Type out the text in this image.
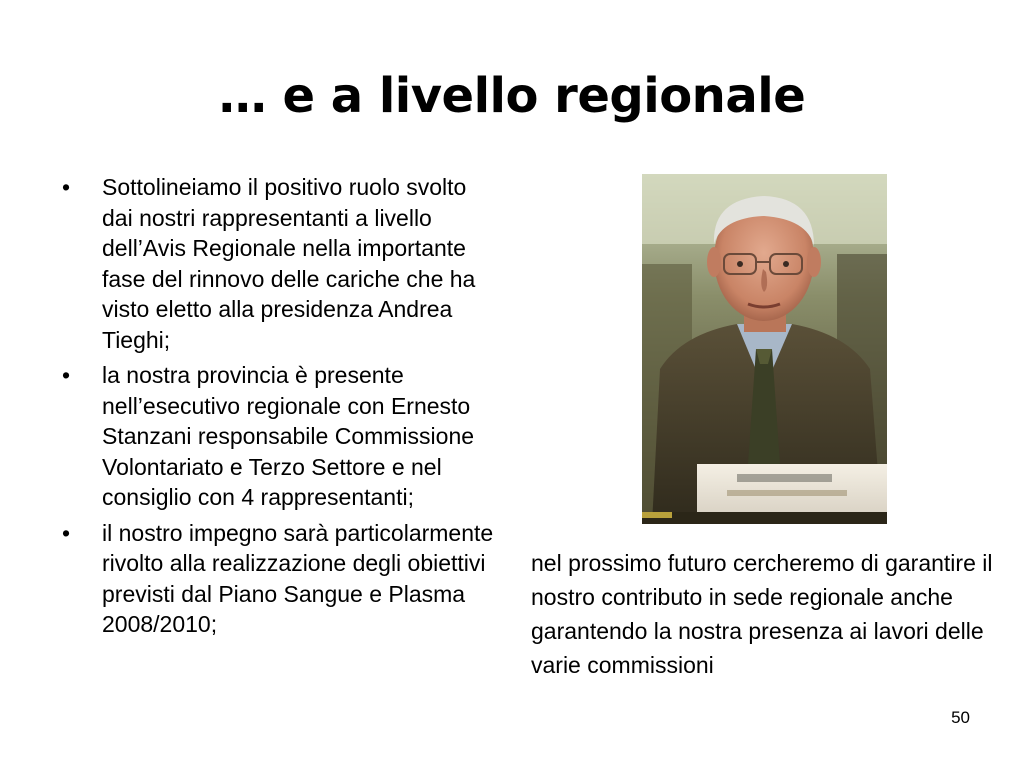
… e a livello regionale
•	Sottolineiamo il positivo ruolo svolto dai nostri rappresentanti a livello dell’Avis Regionale nella importante fase del rinnovo delle cariche che ha visto eletto alla presidenza Andrea Tieghi;
•	la nostra provincia è presente nell’esecutivo regionale con Ernesto Stanzani responsabile Commissione Volontariato e Terzo Settore e nel consiglio con 4 rappresentanti;
•	il nostro impegno sarà particolarmente rivolto alla realizzazione degli obiettivi previsti dal Piano Sangue e Plasma 2008/2010;
nel prossimo futuro cercheremo di garantire il nostro contributo in sede regionale anche garantendo la nostra presenza ai lavori delle varie commissioni
50
